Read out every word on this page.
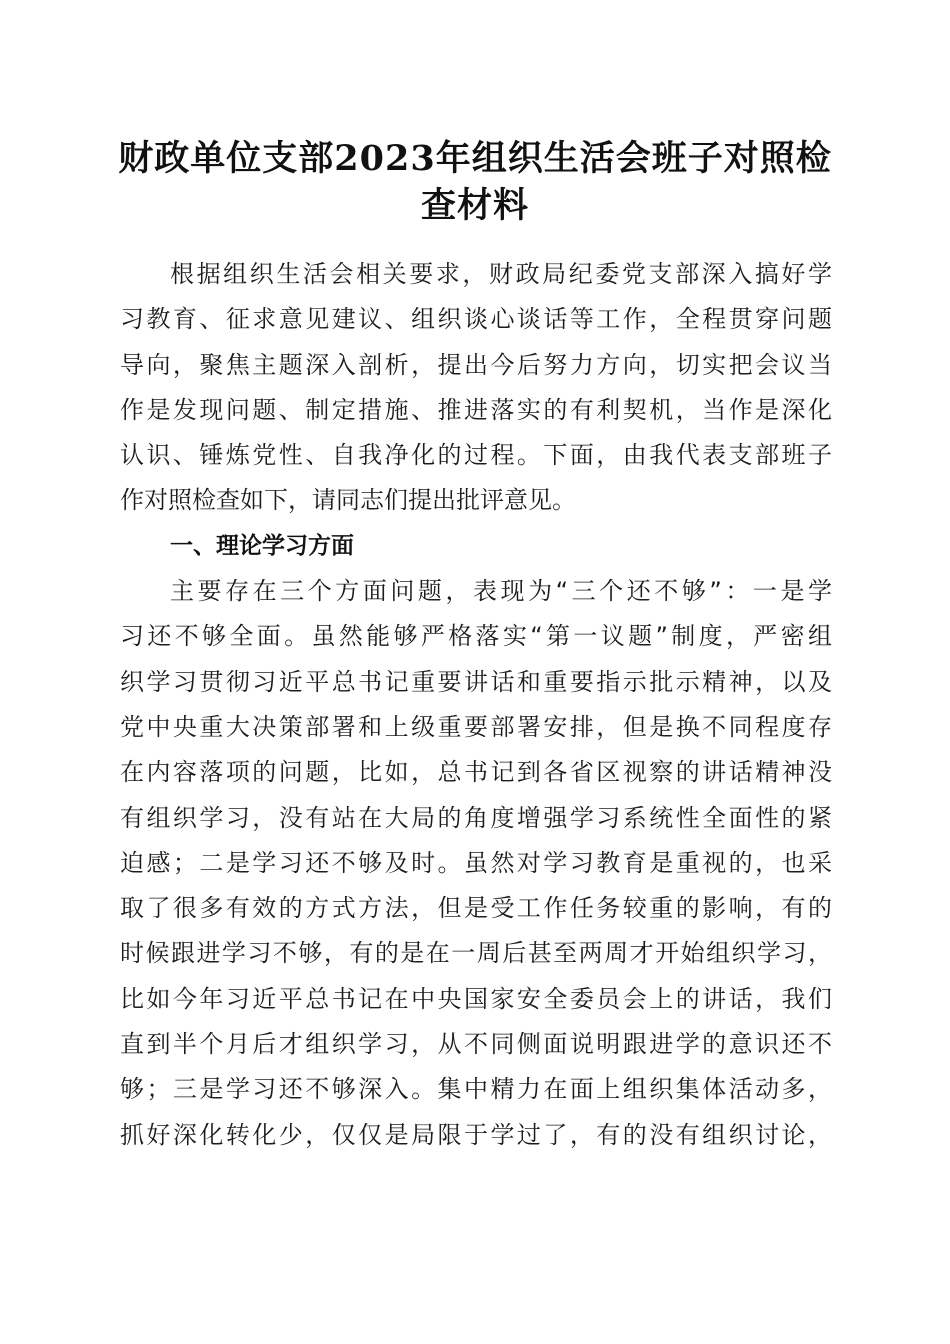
财政单位支部2023年组织生活会班子对照检
查材料
根据组织生活会相关要求，财政局纪委党支部深入搞好学
习教育、征求意见建议、组织谈心谈话等工作，全程贯穿问题
导向，聚焦主题深入剖析，提出今后努力方向，切实把会议当
作是发现问题、制定措施、推进落实的有利契机，当作是深化
认识、锤炼党性、自我净化的过程。下面，由我代表支部班子
作对照检查如下，请同志们提出批评意见。
一、理论学习方面
主要存在三个方面问题，表现为“三个还不够”：一是学
习还不够全面。虽然能够严格落实“第一议题”制度，严密组
织学习贯彻习近平总书记重要讲话和重要指示批示精神，以及
党中央重大决策部署和上级重要部署安排，但是换不同程度存
在内容落项的问题，比如，总书记到各省区视察的讲话精神没
有组织学习，没有站在大局的角度增强学习系统性全面性的紧
迫感；二是学习还不够及时。虽然对学习教育是重视的，也采
取了很多有效的方式方法，但是受工作任务较重的影响，有的
时候跟进学习不够，有的是在一周后甚至两周才开始组织学习，
比如今年习近平总书记在中央国家安全委员会上的讲话，我们
直到半个月后才组织学习，从不同侧面说明跟进学的意识还不
够；三是学习还不够深入。集中精力在面上组织集体活动多，
抓好深化转化少，仅仅是局限于学过了，有的没有组织讨论，
